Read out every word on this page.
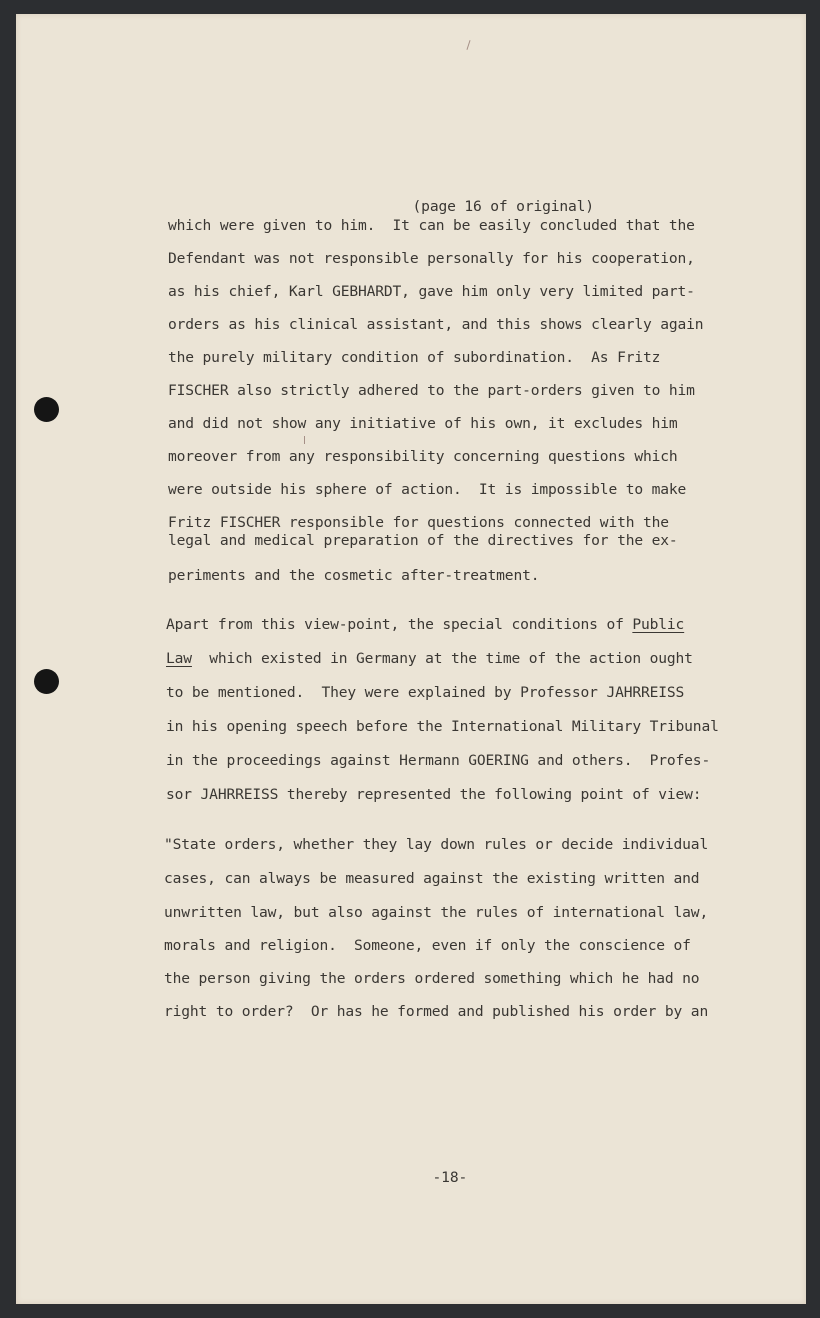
(page 16 of original)

which were given to him.  It can be easily concluded that the

Defendant was not responsible personally for his cooperation,

as his chief, Karl GEBHARDT, gave him only very limited part-

orders as his clinical assistant, and this shows clearly again

the purely military condition of subordination.  As Fritz

FISCHER also strictly adhered to the part-orders given to him

and did not show any initiative of his own, it excludes him

moreover from any responsibility concerning questions which

were outside his sphere of action.  It is impossible to make

Fritz FISCHER responsible for questions connected with the

legal and medical preparation of the directives for the ex-

periments and the cosmetic after-treatment.

Apart from this view-point, the special conditions of Public

Law  which existed in Germany at the time of the action ought

to be mentioned.  They were explained by Professor JAHRREISS

in his opening speech before the International Military Tribunal

in the proceedings against Hermann GOERING and others.  Profes-

sor JAHRREISS thereby represented the following point of view:

"State orders, whether they lay down rules or decide individual

cases, can always be measured against the existing written and

unwritten law, but also against the rules of international law,

morals and religion.  Someone, even if only the conscience of

the person giving the orders ordered something which he had no

right to order?  Or has he formed and published his order by an

-18-
